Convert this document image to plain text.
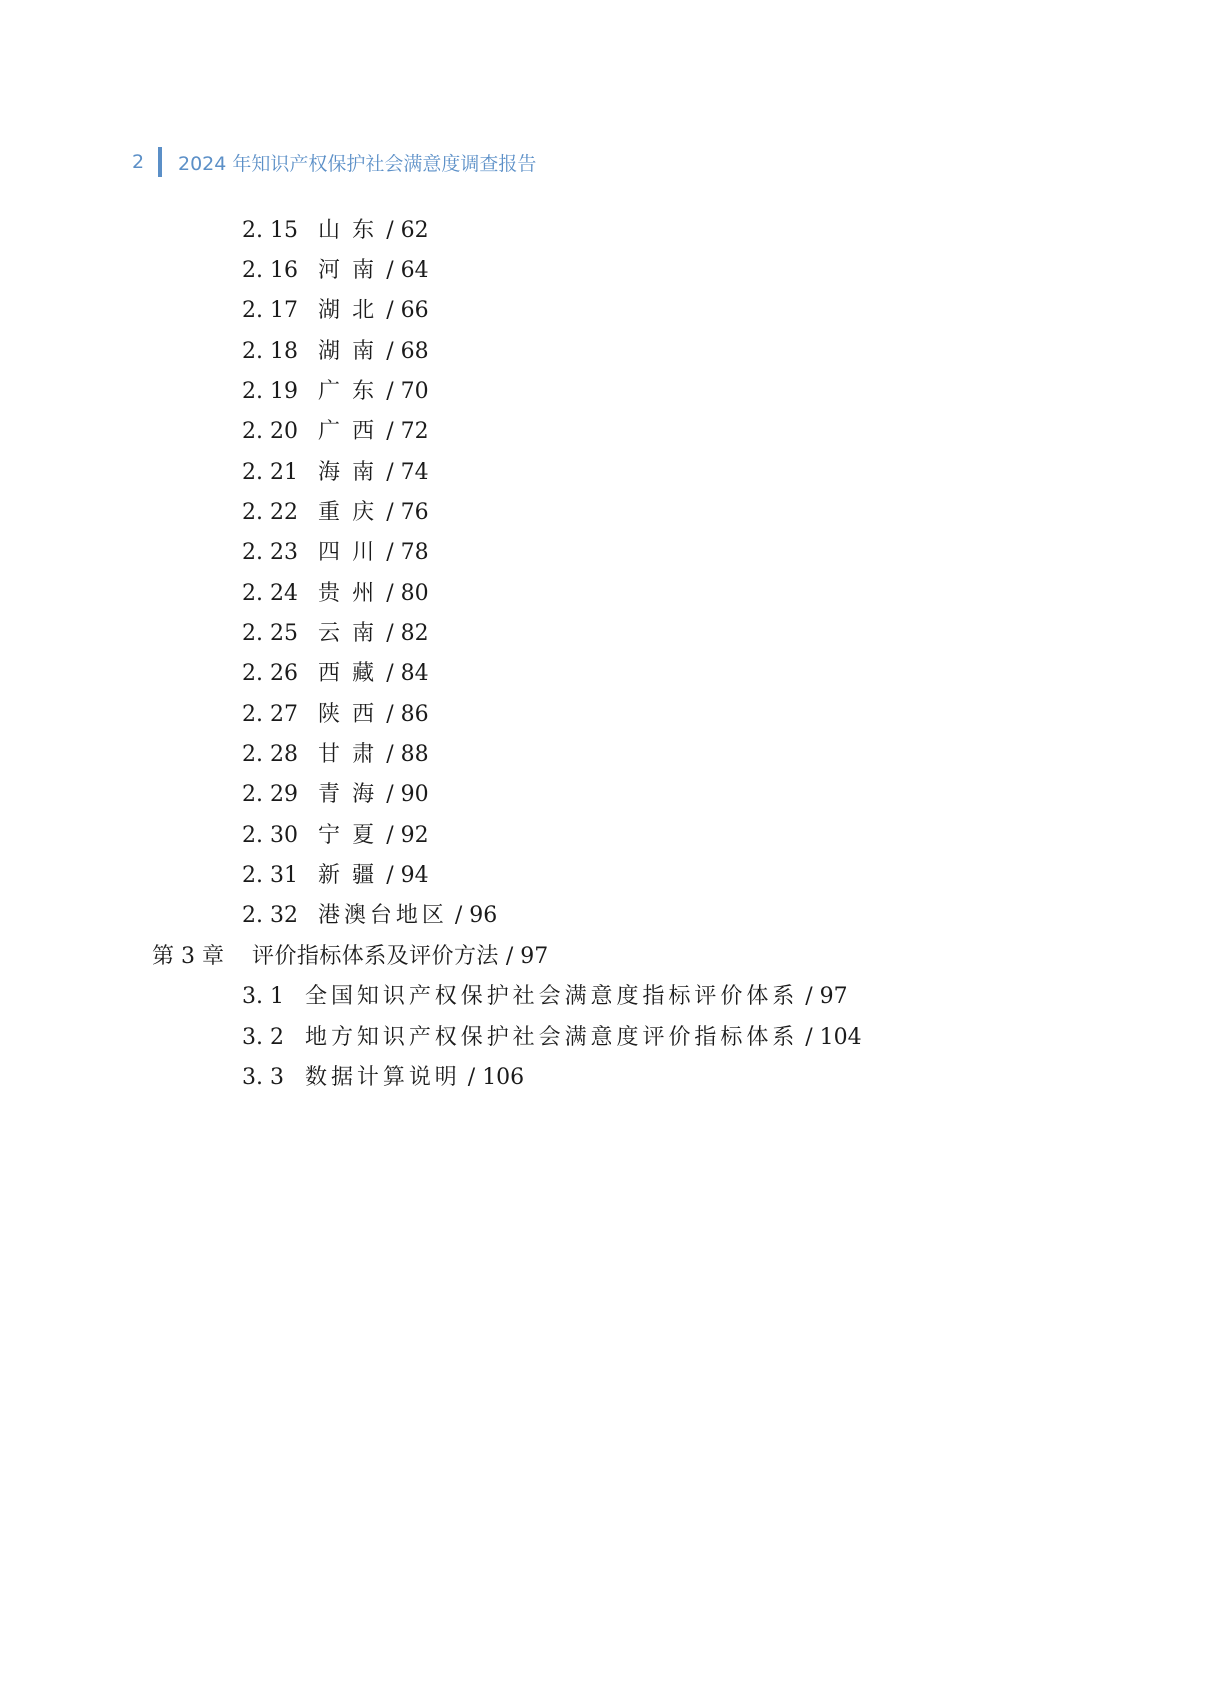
2	2024 年知识产权保护社会满意度调查报告
2. 15 山东/ 62
2. 16 河南/ 64
2. 17 湖北/ 66
2. 18 湖南/ 68
2. 19 广东/ 70
2. 20 广西/ 72
2. 21 海南/ 74
2. 22 重庆/ 76
2. 23 四川/ 78
2. 24 贵州/ 80
2. 25 云南/ 82
2. 26 西藏/ 84
2. 27 陕西/ 86
2. 28 甘肃/ 88
2. 29 青海/ 90
2. 30 宁夏/ 92
2. 31 新疆/ 94
2. 32 港澳台地区 / 96
第 3 章 评价指标体系及评价方法 / 97
3. 1 全国知识产权保护社会满意度指标评价体系 / 97
3. 2 地方知识产权保护社会满意度评价指标体系 / 104
3. 3 数据计算说明 / 106
